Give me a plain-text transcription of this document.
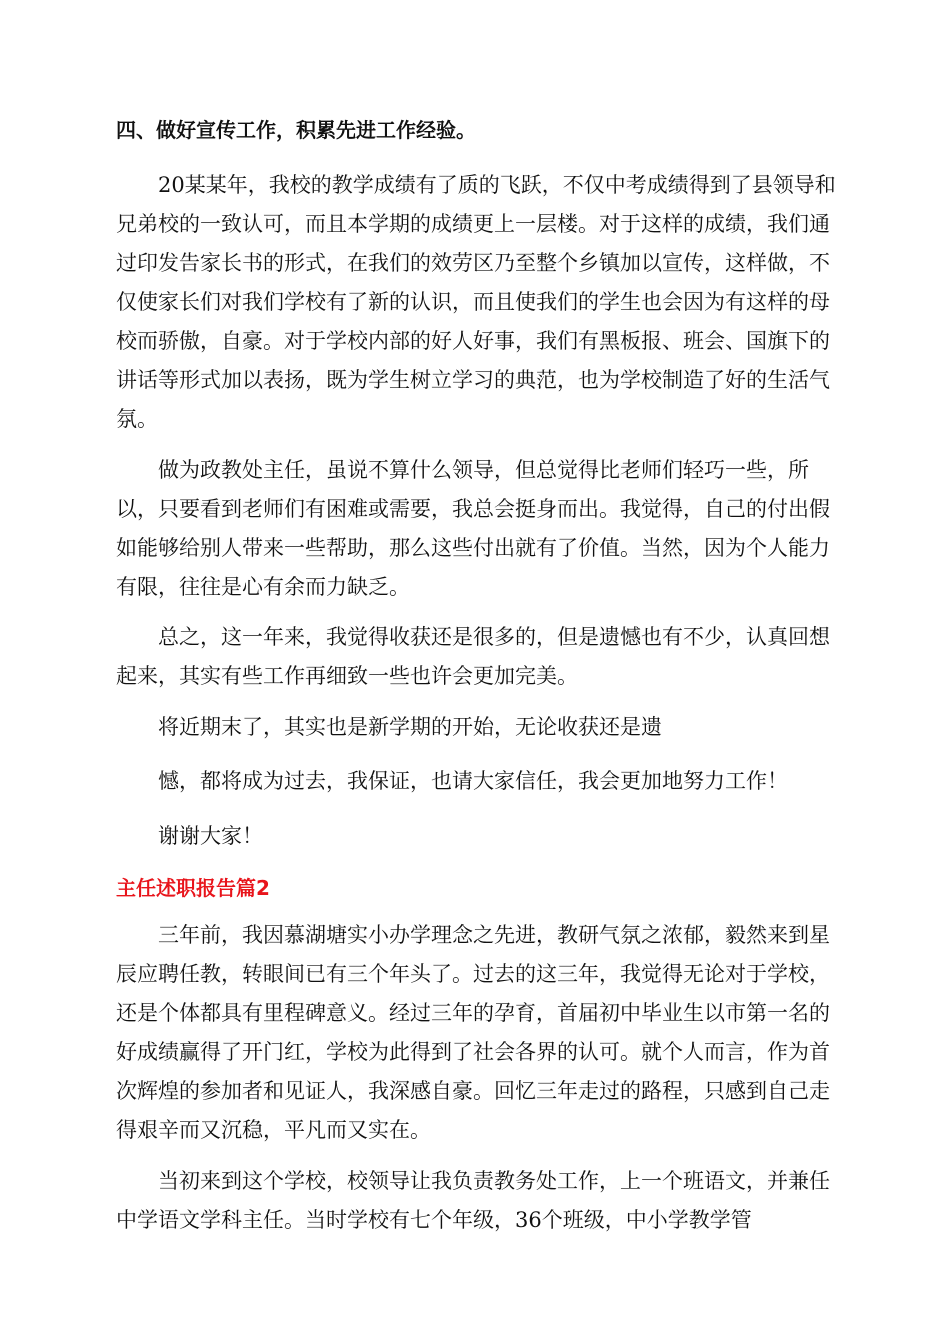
四、做好宣传工作，积累先进工作经验。

20某某年，我校的教学成绩有了质的飞跃，不仅中考成绩得到了县领导和兄弟校的一致认可，而且本学期的成绩更上一层楼。对于这样的成绩，我们通过印发告家长书的形式，在我们的效劳区乃至整个乡镇加以宣传，这样做，不仅使家长们对我们学校有了新的认识，而且使我们的学生也会因为有这样的母校而骄傲，自豪。对于学校内部的好人好事，我们有黑板报、班会、国旗下的讲话等形式加以表扬，既为学生树立学习的典范，也为学校制造了好的生活气氛。

做为政教处主任，虽说不算什么领导，但总觉得比老师们轻巧一些，所以，只要看到老师们有困难或需要，我总会挺身而出。我觉得，自己的付出假如能够给别人带来一些帮助，那么这些付出就有了价值。当然，因为个人能力有限，往往是心有余而力缺乏。

总之，这一年来，我觉得收获还是很多的，但是遗憾也有不少，认真回想起来，其实有些工作再细致一些也许会更加完美。

将近期末了，其实也是新学期的开始，无论收获还是遗

憾，都将成为过去，我保证，也请大家信任，我会更加地努力工作！

谢谢大家！

主任述职报告篇2

三年前，我因慕湖塘实小办学理念之先进，教研气氛之浓郁，毅然来到星辰应聘任教，转眼间已有三个年头了。过去的这三年，我觉得无论对于学校，还是个体都具有里程碑意义。经过三年的孕育，首届初中毕业生以市第一名的好成绩赢得了开门红，学校为此得到了社会各界的认可。就个人而言，作为首次辉煌的参加者和见证人，我深感自豪。回忆三年走过的路程，只感到自己走得艰辛而又沉稳，平凡而又实在。

当初来到这个学校，校领导让我负责教务处工作，上一个班语文，并兼任中学语文学科主任。当时学校有七个年级，36个班级，中小学教学管
